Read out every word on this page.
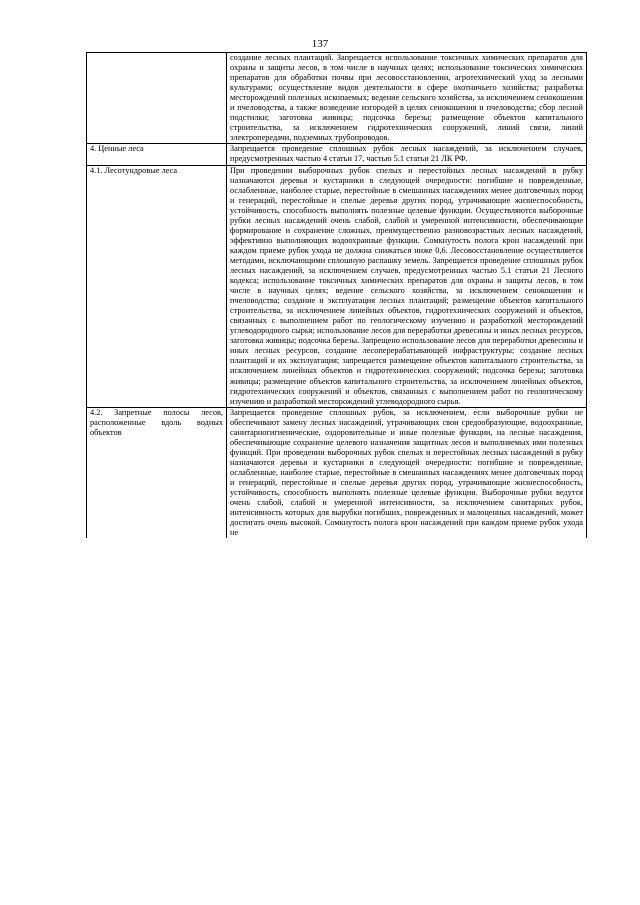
137
	создание лесных плантаций. Запрещается использование токсичных химических препаратов для охраны и защиты лесов, в том числе в научных целях; использование токсических химических препаратов для обработки почвы при лесовосстановлении, агротехнический уход за лесными культурами; осуществление видов деятельности в сфере охотничьего хозяйства; разработка месторождений полезных ископаемых; ведение сельского хозяйства, за исключением сенокошения и пчеловодства, а также возведение изгородей в целях сенокошения и пчеловодства; сбор лесной подстилки; заготовка живицы; подсочка березы; размещение объектов капитального строительства, за исключением гидротехнических сооружений, линий связи, линий электропередачи, подземных трубопроводов.
4. Ценные леса	Запрещается проведение сплошных рубок лесных насаждений, за исключением случаев, предусмотренных частью 4 статьи 17, частью 5.1 статьи 21 ЛК РФ.
4.1. Лесотундровые леса	При проведении выборочных рубок спелых и перестойных лесных насаждений в рубку назначаются деревья и кустарники в следующей очередности: погибшие и поврежденные, ослабленные, наиболее старые, перестойные в смешанных насаждениях менее долговечных пород и генераций, перестойные и спелые деревья других пород, утрачивающие жизнеспособность, устойчивость, способность выполнять полезные целевые функции. Осуществляются выборочные рубки лесных насаждений очень слабой, слабой и умеренной интенсивности, обеспечивающие формирование и сохранение сложных, преимущественно разновозрастных лесных насаждений, эффективно выполняющих водоохранные функции. Сомкнутость полога крон насаждений при каждом приеме рубок ухода не должна снижаться ниже 0,6. Лесовосстановление осуществляется методами, исключающими сплошную распашку земель. Запрещается проведение сплошных рубок лесных насаждений, за исключением случаев, предусмотренных частью 5.1 статьи 21 Лесного кодекса; использование токсичных химических препаратов для охраны и защиты лесов, в том числе в научных целях; ведение сельского хозяйства, за исключением сенокошения и пчеловодства; создание и эксплуатация лесных плантаций; размещение объектов капитального строительства, за исключением линейных объектов, гидротехнических сооружений и объектов, связанных с выполнением работ по геологическому изучению и разработкой месторождений углеводородного сырья; использование лесов для переработки древесины и иных лесных ресурсов, заготовка живицы; подсочка березы. Запрещено использование лесов для переработки древесины и иных лесных ресурсов, создание лесоперерабатывающей инфраструктуры; создание лесных плантаций и их эксплуатация; запрещается размещение объектов капитального строительства, за исключением линейных объектов и гидротехнических сооружений; подсочка березы; заготовка живицы; размещение объектов капитального строительства, за исключением линейных объектов, гидротехнических сооружений и объектов, связанных с выполнением работ по геологическому изучению и разработкой месторождений углеводородного сырья.
4.2. Запретные полосы лесов, расположенные вдоль водных объектов	Запрещается проведение сплошных рубок, за исключением, если выборочные рубки не обеспечивают замену лесных насаждений, утрачивающих свои средообразующие, водоохранные, санитарногигиенические, оздоровительные и иные полезные функции, на лесные насаждения, обеспечивающие сохранение целевого назначения защитных лесов и выполняемых ими полезных функций. При проведении выборочных рубок спелых и перестойных лесных насаждений в рубку назначаются деревья и кустарники в следующей очередности: погибшие и поврежденные, ослабленные, наиболее старые, перестойные в смешанных насаждениях менее долговечных пород и генераций, перестойные и спелые деревья других пород, утрачивающие жизнеспособность, устойчивость, способность выполнять полезные целевые функции. Выборочные рубки ведутся очень слабой, слабой и умеренной интенсивности, за исключением санитарных рубок, интенсивность которых для вырубки погибших, поврежденных и малоценных насаждений, может достигать очень высокой. Сомкнутость полога крон насаждений при каждом приеме рубок ухода не
